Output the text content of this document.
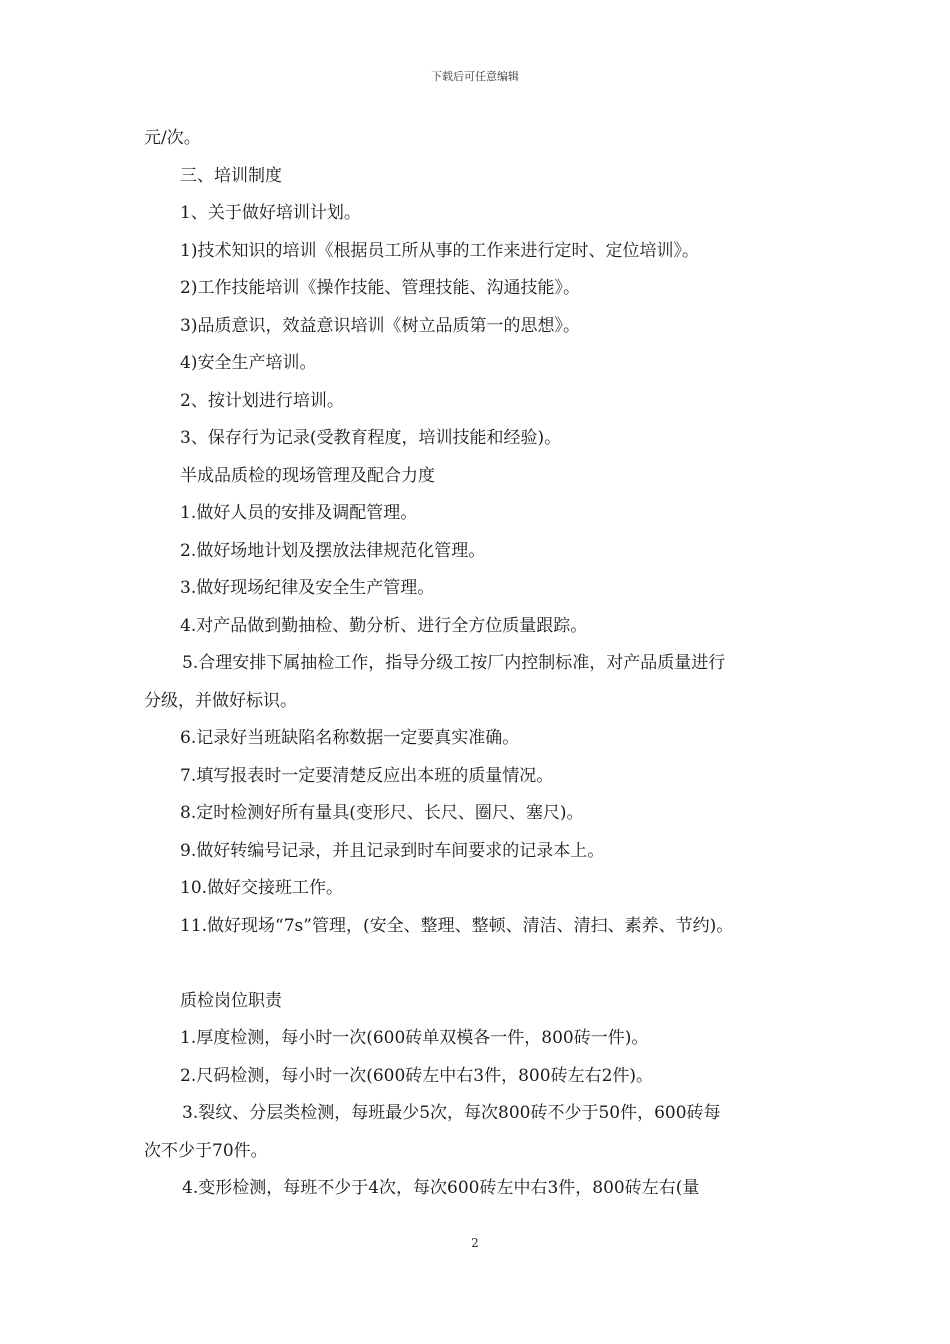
下载后可任意编辑
元/次。
三、培训制度
1、关于做好培训计划。
1)技术知识的培训《根据员工所从事的工作来进行定时、定位培训》。
2)工作技能培训《操作技能、管理技能、沟通技能》。
3)品质意识，效益意识培训《树立品质第一的思想》。
4)安全生产培训。
2、按计划进行培训。
3、保存行为记录(受教育程度，培训技能和经验)。
半成品质检的现场管理及配合力度
1.做好人员的安排及调配管理。
2.做好场地计划及摆放法律规范化管理。
3.做好现场纪律及安全生产管理。
4.对产品做到勤抽检、勤分析、进行全方位质量跟踪。
5.合理安排下属抽检工作，指导分级工按厂内控制标准，对产品质量进行
分级，并做好标识。
6.记录好当班缺陷名称数据一定要真实准确。
7.填写报表时一定要清楚反应出本班的质量情况。
8.定时检测好所有量具(变形尺、长尺、圈尺、塞尺)。
9.做好转编号记录，并且记录到时车间要求的记录本上。
10.做好交接班工作。
11.做好现场“7s”管理，(安全、整理、整顿、清洁、清扫、素养、节约)。
质检岗位职责
1.厚度检测，每小时一次(600砖单双模各一件，800砖一件)。
2.尺码检测，每小时一次(600砖左中右3件，800砖左右2件)。
3.裂纹、分层类检测，每班最少5次，每次800砖不少于50件，600砖每
次不少于70件。
4.变形检测，每班不少于4次，每次600砖左中右3件，800砖左右(量
2
